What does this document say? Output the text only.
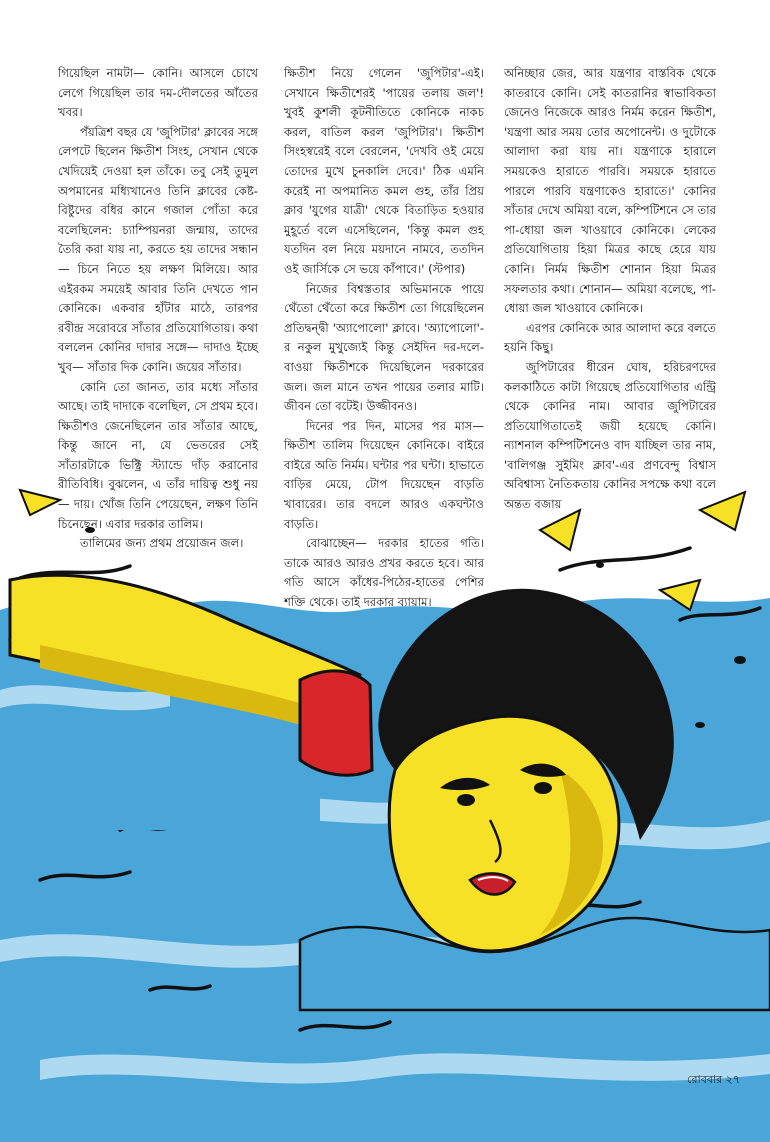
গিয়েছিল নামটা— কোনি। আসলে চোখে লেগে গিয়েছিল তার দম-দৌলতের আঁতের খবর।

পঁয়ত্রিশ বছর যে 'জুপিটার' ক্লাবের সঙ্গে লেপটে ছিলেন ক্ষিতীশ সিংহ, সেখান থেকে খেদিয়েই দেওয়া হল তাঁকে। তবু সেই তুমুল অপমানের মধ্যিখানেও তিনি ক্লাবের কেষ্ট-বিষ্টুদের বধির কানে গজাল পোঁতা করে বলেছিলেন: চ্যাম্পিয়নরা জন্মায়, তাদের তৈরি করা যায় না, করতে হয় তাদের সন্ধান— চিনে নিতে হয় লক্ষণ মিলিয়ে। আর এইরকম সময়েই আবার তিনি দেখতে পান কোনিকে। একবার হাঁটার মাঠে, তারপর রবীন্দ্র সরোবরে সাঁতার প্রতিযোগিতায়। কথা বললেন কোনির দাদার সঙ্গে— দাদাও ইচ্ছে খুব— সাঁতার দিক কোনি। জয়ের সাঁতার।

কোনি তো জানত, তার মধ্যে সাঁতার আছে। তাই দাদাকে বলেছিল, সে প্রথম হবে। ক্ষিতীশও জেনেছিলেন তার সাঁতার আছে, কিন্তু জানে না, যে ভেতরের সেই সাঁতারটাকে ভিক্ট্রি স্ট্যান্ডে দাঁড় করানোর রীতিবিধি। বুঝলেন, এ তাঁর দায়িত্ব শুধু নয়— দায়। খোঁজ তিনি পেয়েছেন, লক্ষণ তিনি চিনেছেন। এবার দরকার তালিম।

তালিমের জন্য প্রথম প্রয়োজন জল।

ক্ষিতীশ নিয়ে গেলেন 'জুপিটার'-এই। সেখানে ক্ষিতীশেরই 'পায়ের তলায় জল'! খুবই কুশলী কূটনীতিতে কোনিকে নাকচ করল, বাতিল করল 'জুপিটার'। ক্ষিতীশ সিংহস্বরেই বলে বেরলেন, 'দেখবি ওই মেয়ে তোদের মুখে চুনকালি দেবে।' ঠিক এমনি করেই না অপমানিত কমল গুহ, তাঁর প্রিয় ক্লাব 'যুগের যাত্রী' থেকে বিতাড়িত হওয়ার মুহূর্তে বলে এসেছিলেন, 'কিন্তু কমল গুহ যতদিন বল নিয়ে ময়দানে নামবে, ততদিন ওই জার্সিকে সে ভয়ে কাঁপাবে।' (স্টপার)

নিজের বিশ্বস্ততার অভিমানকে পায়ে থেঁতো থেঁতো করে ক্ষিতীশ তো গিয়েছিলেন প্রতিদ্বন্দ্বী 'অ্যাপোলো' ক্লাবে। 'অ্যাপোলো'-র নকুল মুখুজ্যেই কিন্তু সেইদিন দর-দলে-বাওয়া ক্ষিতীশকে দিয়েছিলেন দরকারের জল। জল মানে তখন পায়ের তলার মাটি। জীবন তো বটেই। উজ্জীবনও।

দিনের পর দিন, মাসের পর মাস— ক্ষিতীশ তালিম দিয়েছেন কোনিকে। বাইরে বাইরে অতি নির্মম। ঘন্টার পর ঘন্টা। হাভাতে বাড়ির মেয়ে, টোপ দিয়েছেন বাড়তি খাবারের। তার বদলে আরও একঘন্টাও বাড়তি।

বোঝাচ্ছেন— দরকার হাতের গতি। তাকে আরও আরও প্রখর করতে হবে। আর গতি আসে কাঁধের-পিঠের-হাতের পেশির শক্তি থেকে। তাই দরকার ব্যায়াম।

অনিচ্ছার জের, আর যন্ত্রণার বাস্তবিক থেকে কাতরাবে কোনি। সেই কাতরানির স্বাভাবিকতা জেনেও নিজেকে আরও নির্মম করেন ক্ষিতীশ, 'যন্ত্রণা আর সময় তোর অপোনেন্ট। ও দুটোকে আলাদা করা যায় না। যন্ত্রণাকে হারালে সময়কেও হারাতে পারবি। সময়কে হারাতে পারলে পারবি যন্ত্রণাকেও হারাতে।' কোনির সাঁতার দেখে অমিয়া বলে, কম্পিটিশনে সে তার পা-ধোয়া জল খাওয়াবে কোনিকে। লেকের প্রতিযোগিতায় হিয়া মিত্রর কাছে হেরে যায় কোনি। নির্মম ক্ষিতীশ শোনান হিয়া মিত্রর সফলতার কথা। শোনান— অমিয়া বলেছে, পা-ধোয়া জল খাওয়াবে কোনিকে।

এরপর কোনিকে আর আলাদা করে বলতে হয়নি কিছু।

জুপিটারের ধীরেন ঘোষ, হরিচরণদের কলকাঠিতে কাটা গিয়েছে প্রতিযোগিতার এন্ট্রি থেকে কোনির নাম। আবার জুপিটারের প্রতিযোগিতাতেই জয়ী হয়েছে কোনি। ন্যাশনাল কম্পিটিশনেও বাদ যাচ্ছিল তার নাম, 'বালিগঞ্জ সুইমিং ক্লাব'-এর প্রণবেন্দু বিশ্বাস অবিশ্বাস্য নৈতিকতায় কোনির সপক্ষে কথা বলে অন্তত বজায়

রোববার ২৭
